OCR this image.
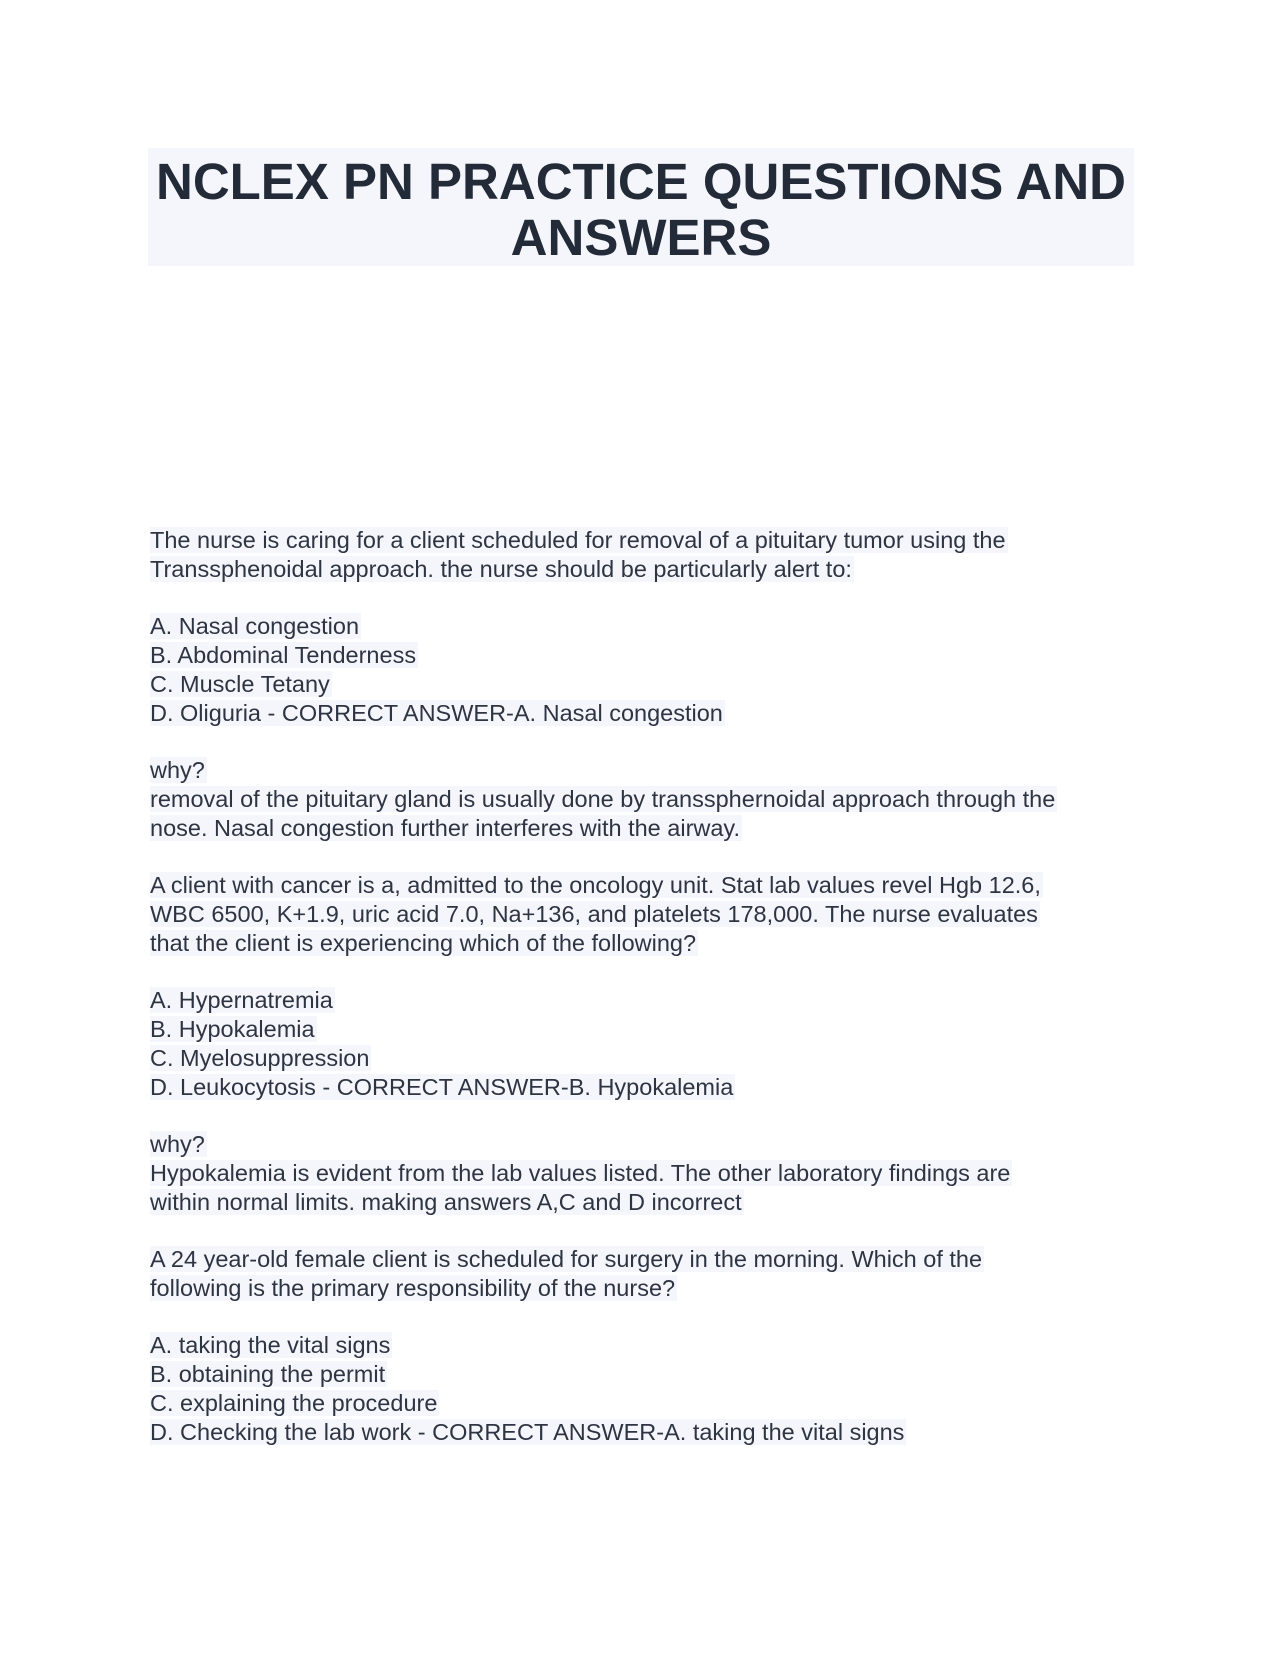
NCLEX PN PRACTICE QUESTIONS AND
ANSWERS
The nurse is caring for a client scheduled for removal of a pituitary tumor using the
Transsphenoidal approach. the nurse should be particularly alert to:
A. Nasal congestion
B. Abdominal Tenderness
C. Muscle Tetany
D. Oliguria - CORRECT ANSWER-A. Nasal congestion
why?
removal of the pituitary gland is usually done by transsphernoidal approach through the
nose. Nasal congestion further interferes with the airway.
A client with cancer is a, admitted to the oncology unit. Stat lab values revel Hgb 12.6,
WBC 6500, K+1.9, uric acid 7.0, Na+136, and platelets 178,000. The nurse evaluates
that the client is experiencing which of the following?
A. Hypernatremia
B. Hypokalemia
C. Myelosuppression
D. Leukocytosis - CORRECT ANSWER-B. Hypokalemia
why?
Hypokalemia is evident from the lab values listed. The other laboratory findings are
within normal limits. making answers A,C and D incorrect
A 24 year-old female client is scheduled for surgery in the morning. Which of the
following is the primary responsibility of the nurse?
A. taking the vital signs
B. obtaining the permit
C. explaining the procedure
D. Checking the lab work - CORRECT ANSWER-A. taking the vital signs
